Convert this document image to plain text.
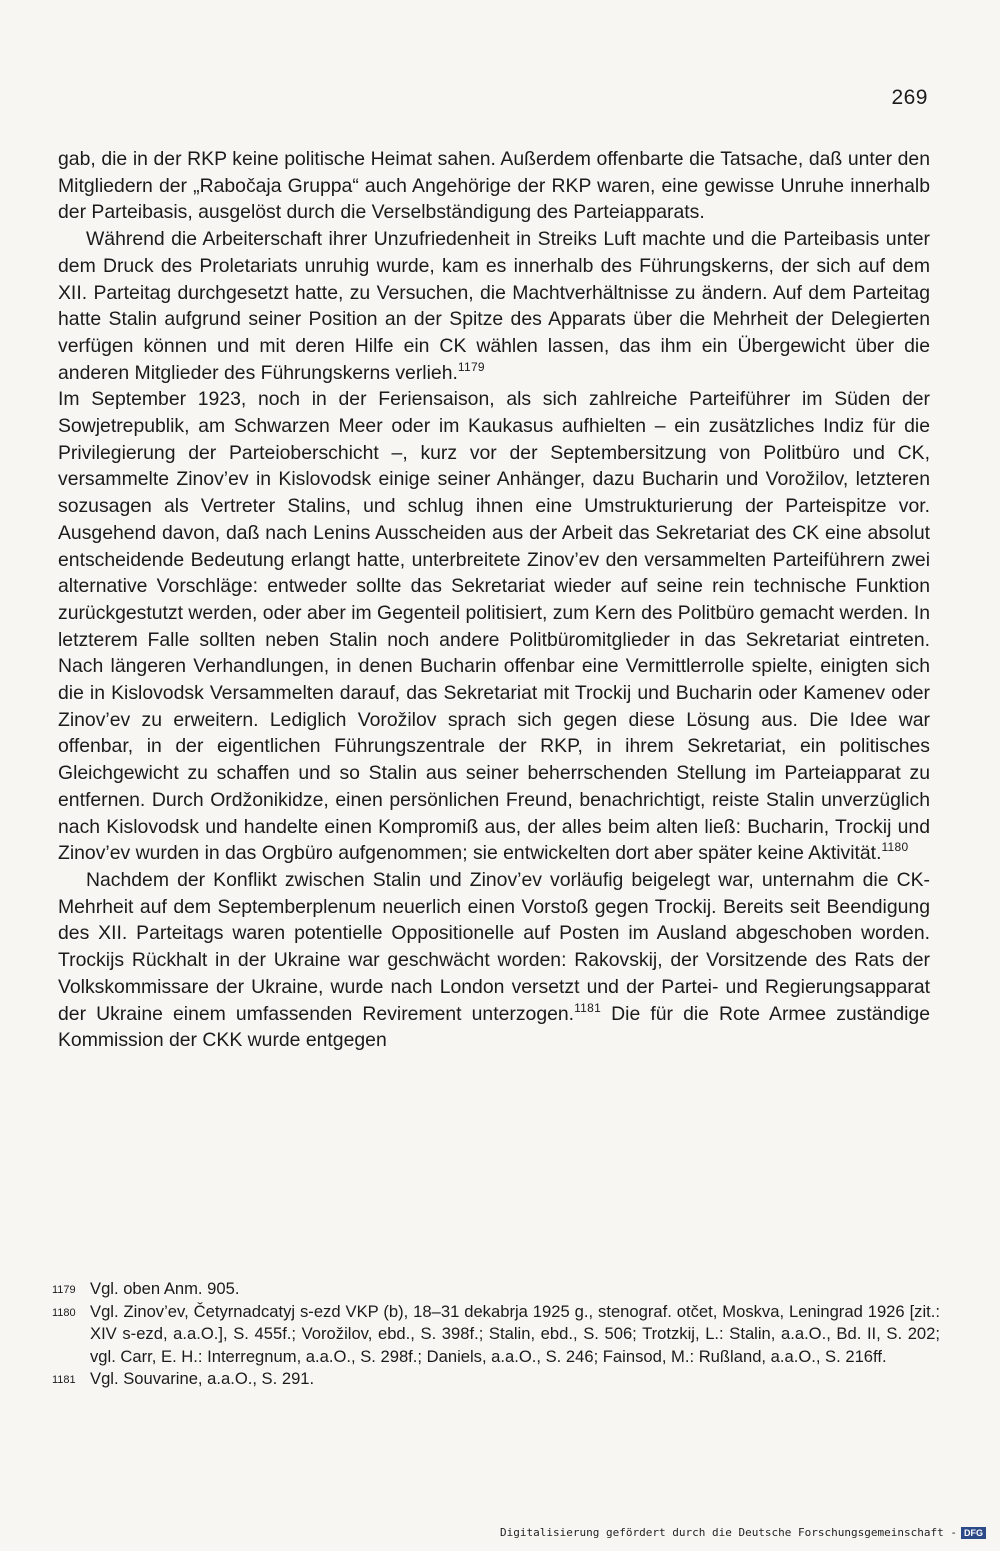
269

gab, die in der RKP keine politische Heimat sahen. Außerdem offenbarte die Tatsache, daß unter den Mitgliedern der „Rabočaja Gruppa“ auch Angehörige der RKP waren, eine gewisse Unruhe innerhalb der Parteibasis, ausgelöst durch die Verselbständigung des Parteiapparats.

Während die Arbeiterschaft ihrer Unzufriedenheit in Streiks Luft machte und die Parteibasis unter dem Druck des Proletariats unruhig wurde, kam es innerhalb des Führungskerns, der sich auf dem XII. Parteitag durchgesetzt hatte, zu Versuchen, die Machtverhältnisse zu ändern. Auf dem Parteitag hatte Stalin aufgrund seiner Position an der Spitze des Apparats über die Mehrheit der Delegierten verfügen können und mit deren Hilfe ein CK wählen lassen, das ihm ein Übergewicht über die anderen Mitglieder des Führungskerns verlieh.$^{1179}$

Im September 1923, noch in der Feriensaison, als sich zahlreiche Parteiführer im Süden der Sowjetrepublik, am Schwarzen Meer oder im Kaukasus aufhielten – ein zusätzliches Indiz für die Privilegierung der Parteioberschicht –, kurz vor der Septembersitzung von Politbüro und CK, versammelte Zinov’ev in Kislovodsk einige seiner Anhänger, dazu Bucharin und Vorožilov, letzteren sozusagen als Vertreter Stalins, und schlug ihnen eine Umstrukturierung der Parteispitze vor. Ausgehend davon, daß nach Lenins Ausscheiden aus der Arbeit das Sekretariat des CK eine absolut entscheidende Bedeutung erlangt hatte, unterbreitete Zinov’ev den versammelten Parteiführern zwei alternative Vorschläge: entweder sollte das Sekretariat wieder auf seine rein technische Funktion zurückgestutzt werden, oder aber im Gegenteil politisiert, zum Kern des Politbüro gemacht werden. In letzterem Falle sollten neben Stalin noch andere Politbüromitglieder in das Sekretariat eintreten. Nach längeren Verhandlungen, in denen Bucharin offenbar eine Vermittlerrolle spielte, einigten sich die in Kislovodsk Versammelten darauf, das Sekretariat mit Trockij und Bucharin oder Kamenev oder Zinov’ev zu erweitern. Lediglich Vorožilov sprach sich gegen diese Lösung aus. Die Idee war offenbar, in der eigentlichen Führungszentrale der RKP, in ihrem Sekretariat, ein politisches Gleichgewicht zu schaffen und so Stalin aus seiner beherrschenden Stellung im Parteiapparat zu entfernen. Durch Ordžonikidze, einen persönlichen Freund, benachrichtigt, reiste Stalin unverzüglich nach Kislovodsk und handelte einen Kompromiß aus, der alles beim alten ließ: Bucharin, Trockij und Zinov’ev wurden in das Orgbüro aufgenommen; sie entwickelten dort aber später keine Aktivität.$^{1180}$

Nachdem der Konflikt zwischen Stalin und Zinov’ev vorläufig beigelegt war, unternahm die CK-Mehrheit auf dem Septemberplenum neuerlich einen Vorstoß gegen Trockij. Bereits seit Beendigung des XII. Parteitags waren potentielle Oppositionelle auf Posten im Ausland abgeschoben worden. Trockijs Rückhalt in der Ukraine war geschwächt worden: Rakovskij, der Vorsitzende des Rats der Volkskommissare der Ukraine, wurde nach London versetzt und der Partei- und Regierungsapparat der Ukraine einem umfassenden Revirement unterzogen.$^{1181}$ Die für die Rote Armee zuständige Kommission der CKK wurde entgegen

1179 Vgl. oben Anm. 905.
1180 Vgl. Zinov’ev, Četyrnadcatyj s-ezd VKP (b), 18–31 dekabrja 1925 g., stenograf. otčet, Moskva, Leningrad 1926 [zit.: XIV s-ezd, a.a.O.], S. 455f.; Vorožilov, ebd., S. 398f.; Stalin, ebd., S. 506; Trotzkij, L.: Stalin, a.a.O., Bd. II, S. 202; vgl. Carr, E. H.: Interregnum, a.a.O., S. 298f.; Daniels, a.a.O., S. 246; Fainsod, M.: Rußland, a.a.O., S. 216ff.
1181 Vgl. Souvarine, a.a.O., S. 291.
Digitalisierung gefördert durch die Deutsche Forschungsgemeinschaft - DFG
